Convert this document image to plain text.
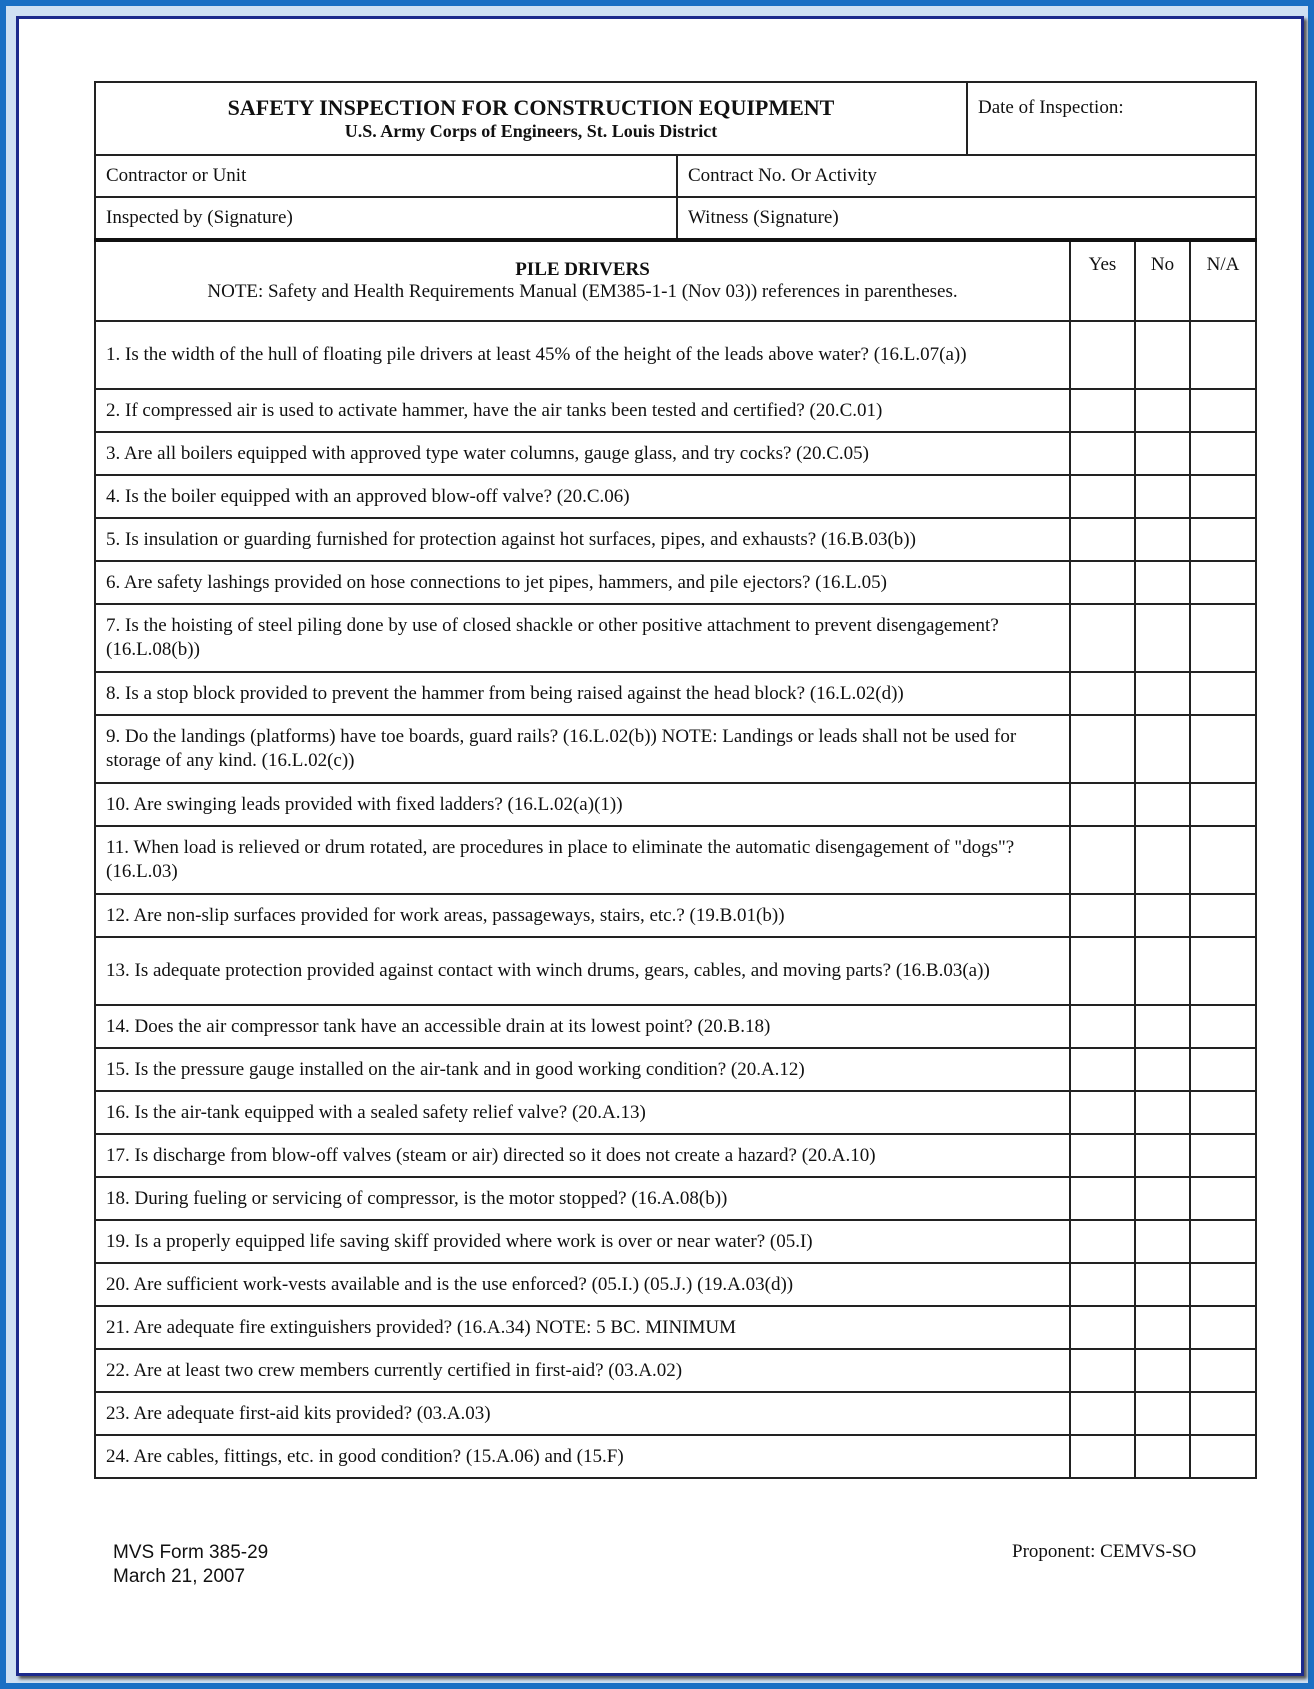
SAFETY INSPECTION FOR CONSTRUCTION EQUIPMENT
U.S. Army Corps of Engineers, St. Louis District
	Date of Inspection:
Contractor or Unit	Contract No. Or Activity
Inspected by (Signature)	Witness (Signature)
PILE DRIVERS
NOTE: Safety and Health Requirements Manual (EM385-1-1 (Nov 03)) references in parentheses.	Yes	No	N/A
1. Is the width of the hull of floating pile drivers at least 45% of the height of the leads above water? (16.L.07(a))			
2. If compressed air is used to activate hammer, have the air tanks been tested and certified? (20.C.01)			
3. Are all boilers equipped with approved type water columns, gauge glass, and try cocks? (20.C.05)			
4. Is the boiler equipped with an approved blow-off valve? (20.C.06)			
5. Is insulation or guarding furnished for protection against hot surfaces, pipes, and exhausts? (16.B.03(b))			
6. Are safety lashings provided on hose connections to jet pipes, hammers, and pile ejectors? (16.L.05)			
7. Is the hoisting of steel piling done by use of closed shackle or other positive attachment to prevent disengagement? (16.L.08(b))			
8. Is a stop block provided to prevent the hammer from being raised against the head block? (16.L.02(d))			
9. Do the landings (platforms) have toe boards, guard rails? (16.L.02(b)) NOTE: Landings or leads shall not be used for storage of any kind. (16.L.02(c))			
10. Are swinging leads provided with fixed ladders? (16.L.02(a)(1))			
11. When load is relieved or drum rotated, are procedures in place to eliminate the automatic disengagement of "dogs"? (16.L.03)			
12. Are non-slip surfaces provided for work areas, passageways, stairs, etc.? (19.B.01(b))			
13. Is adequate protection provided against contact with winch drums, gears, cables, and moving parts? (16.B.03(a))			
14. Does the air compressor tank have an accessible drain at its lowest point? (20.B.18)			
15. Is the pressure gauge installed on the air-tank and in good working condition? (20.A.12)			
16. Is the air-tank equipped with a sealed safety relief valve? (20.A.13)			
17. Is discharge from blow-off valves (steam or air) directed so it does not create a hazard? (20.A.10)			
18. During fueling or servicing of compressor, is the motor stopped? (16.A.08(b))			
19. Is a properly equipped life saving skiff provided where work is over or near water? (05.I)			
20. Are sufficient work-vests available and is the use enforced? (05.I.) (05.J.) (19.A.03(d))			
21. Are adequate fire extinguishers provided? (16.A.34) NOTE: 5 BC. MINIMUM			
22. Are at least two crew members currently certified in first-aid? (03.A.02)			
23. Are adequate first-aid kits provided? (03.A.03)			
24. Are cables, fittings, etc. in good condition? (15.A.06) and (15.F)			
MVS Form 385-29
March 21, 2007
Proponent: CEMVS-SO
